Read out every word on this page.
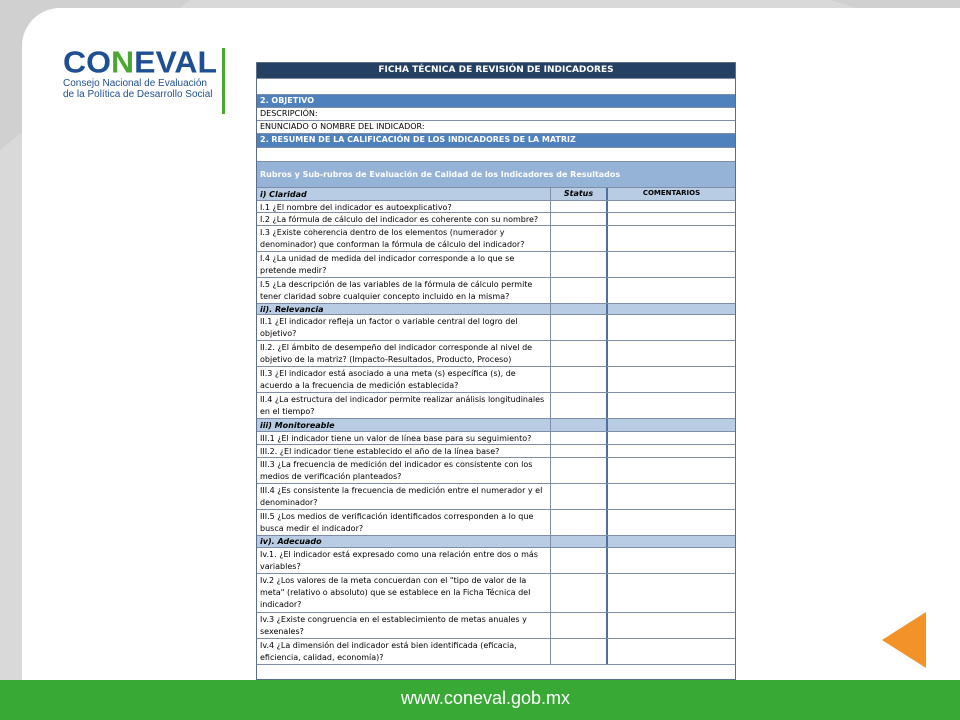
CONEVAL
Consejo Nacional de Evaluación
de la Política de Desarrollo Social
FICHA TÉCNICA DE REVISIÓN DE INDICADORES
2. OBJETIVO
DESCRIPCIÓN:
ENUNCIADO O NOMBRE DEL INDICADOR:
2. RESUMEN DE LA CALIFICACIÓN DE LOS INDICADORES DE LA MATRIZ
Rubros y Sub-rubros de Evaluación de Calidad de los Indicadores de Resultados
i) Claridad	Status	COMENTARIOS
I.1 ¿El nombre del indicador es autoexplicativo?
I.2 ¿La fórmula de cálculo del indicador es coherente con su nombre?
I.3 ¿Existe coherencia dentro de los elementos (numerador y denominador) que conforman la fórmula de cálculo del indicador?
I.4 ¿La unidad de medida del indicador corresponde a lo que se pretende medir?
I.5 ¿La descripción de las variables de la fórmula de cálculo permite tener claridad sobre cualquier concepto incluido en la misma?
ii). Relevancia
II.1 ¿El indicador refleja un factor o variable central del logro del objetivo?
II.2. ¿El ámbito de desempeño del indicador corresponde al nivel de objetivo de la matriz? (Impacto-Resultados, Producto, Proceso)
II.3 ¿El indicador está asociado a una meta (s) específica (s), de acuerdo a la frecuencia de medición establecida?
II.4 ¿La estructura del indicador permite realizar análisis longitudinales en el tiempo?
iii) Monitoreable
III.1 ¿El indicador tiene un valor de línea base para su seguimiento?
III.2. ¿El indicador tiene establecido el año de la línea base?
III.3 ¿La frecuencia de medición del indicador es consistente con los medios de verificación planteados?
III.4 ¿Es consistente la frecuencia de medición entre el numerador y el denominador?
III.5 ¿Los medios de verificación identificados corresponden a lo que busca medir el indicador?
iv). Adecuado
Iv.1. ¿El indicador está expresado como una relación entre dos o más variables?
Iv.2 ¿Los valores de la meta concuerdan con el "tipo de valor de la meta" (relativo o absoluto) que se establece en la Ficha Técnica del indicador?
Iv.3 ¿Existe congruencia en el establecimiento de metas anuales y sexenales?
Iv.4 ¿La dimensión del indicador está bien identificada (eficacia, eficiencia, calidad, economía)?
www.coneval.gob.mx
